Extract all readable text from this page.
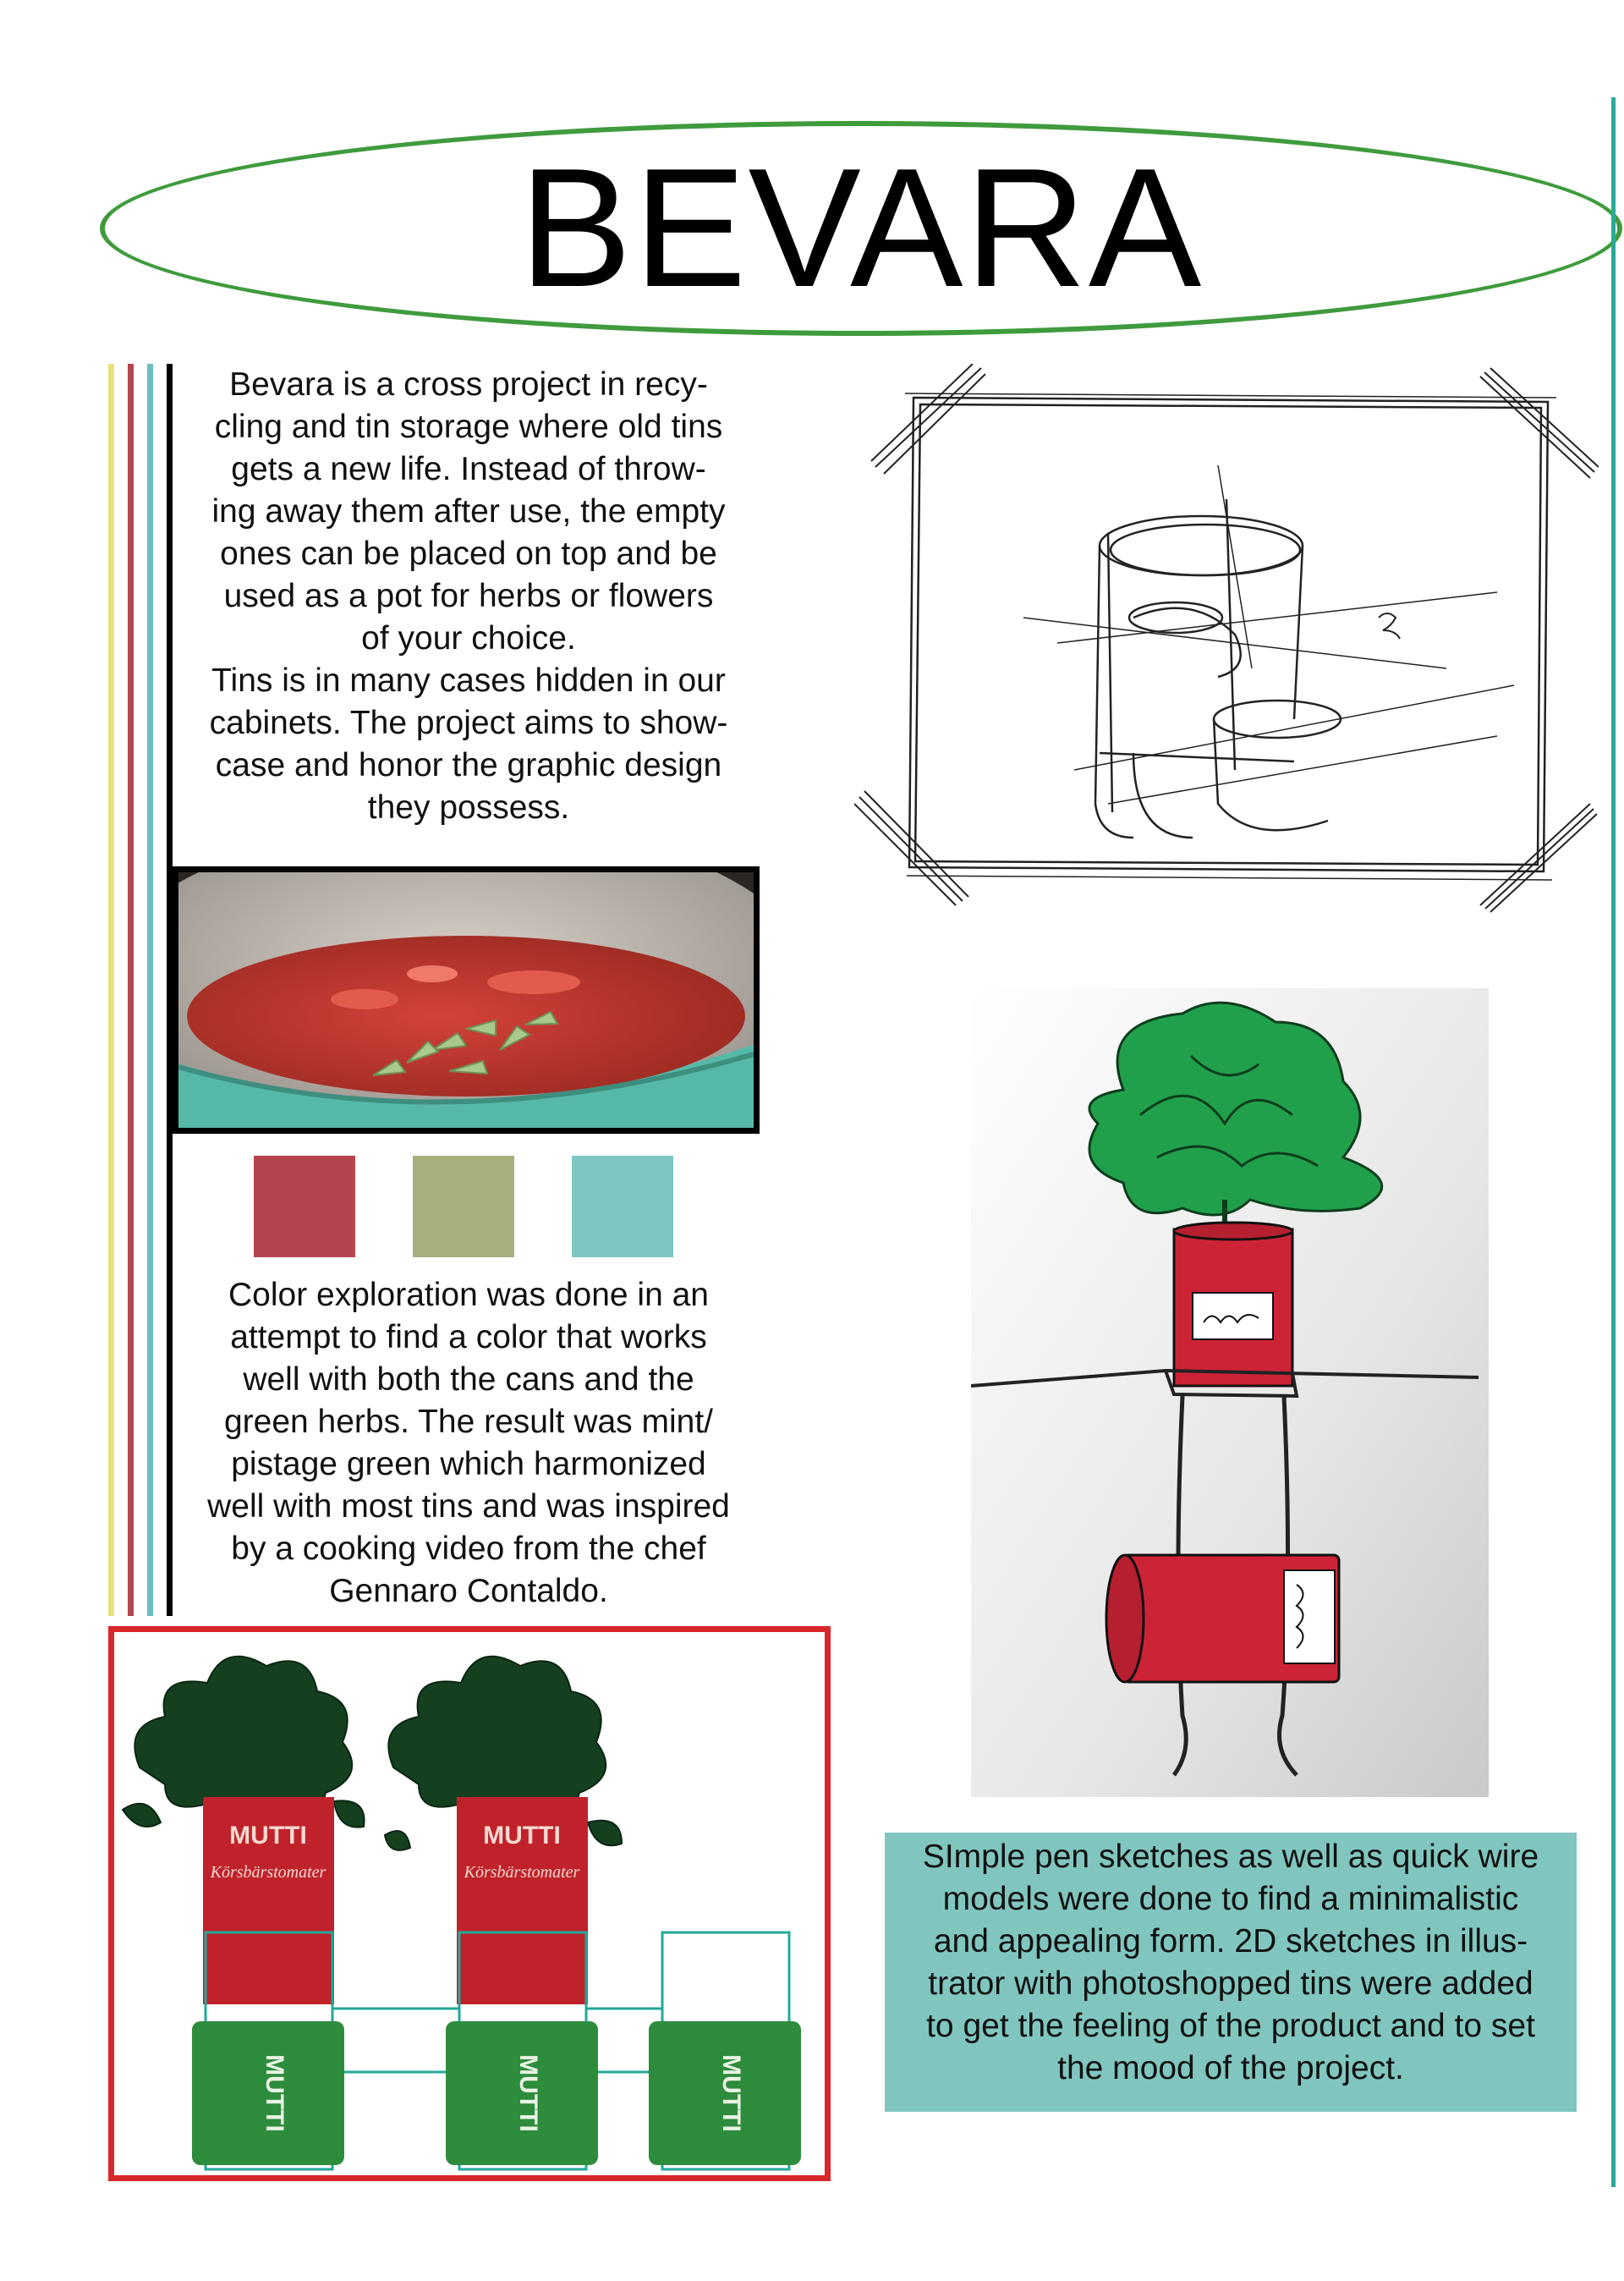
BEVARA
Bevara is a cross project in recy-
cling and tin storage where old tins
gets a new life. Instead of throw-
ing away them after use, the empty
ones can be placed on top and be
used as a pot for herbs or flowers
of your choice.
Tins is in many cases hidden in our
cabinets. The project aims to show-
case and honor the graphic design
they possess.
Color exploration was done in an
attempt to find a color that works
well with both the cans and the
green herbs. The result was mint/
pistage green which harmonized
well with most tins and was inspired
by a cooking video from the chef
Gennaro Contaldo.
MUTTI
Körsbärstomater
MUTTI
Körsbärstomater
MUTTI	MUTTI	MUTTI
SImple pen sketches as well as quick wire
models were done to find a minimalistic
and appealing form. 2D sketches in illus-
trator with photoshopped tins were added
to get the feeling of the product and to set
the mood of the project.
